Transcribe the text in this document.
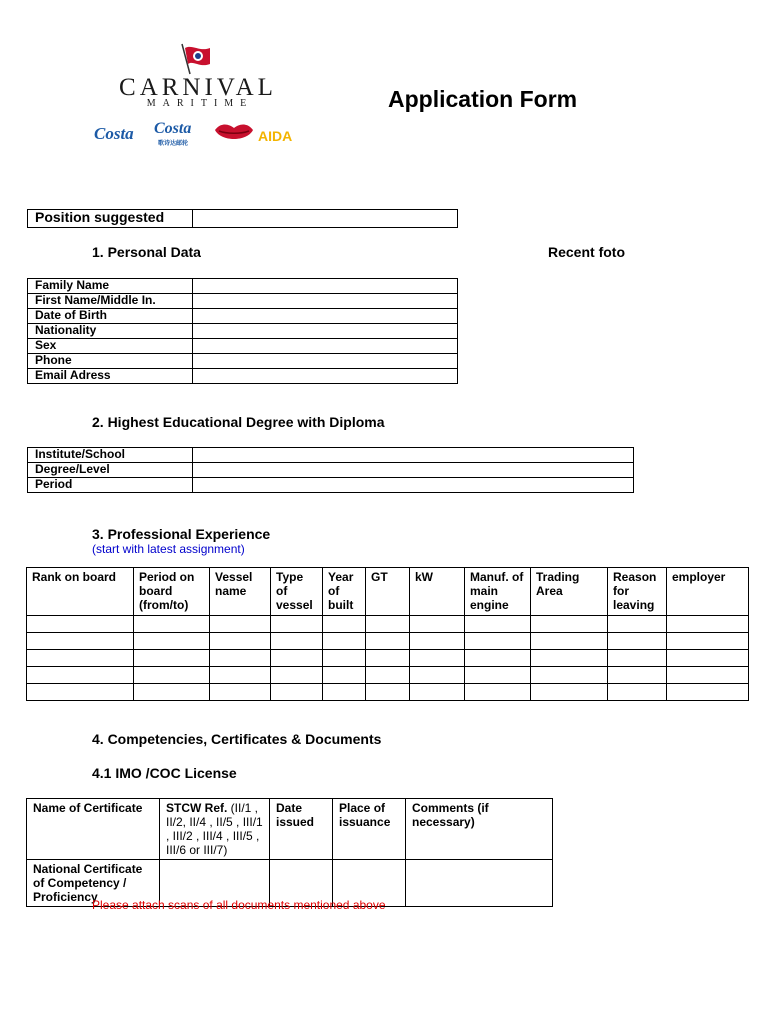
CARNIVAL
MARITIME
Costa Costa
歌诗达邮轮	AIDA
Application Form
Position suggested	
1. Personal Data	Recent foto
Family Name	
First Name/Middle In.	
Date of Birth	
Nationality	
Sex	
Phone	
Email Adress	
2. Highest Educational Degree with Diploma
Institute/School	
Degree/Level	
Period	
3. Professional Experience
(start with latest assignment)
Rank on board	Period on board (from/to)	Vessel name	Type of vessel	Year of built	GT	kW	Manuf. of main engine	Trading Area	Reason for leaving	employer

4. Competencies, Certificates & Documents
4.1 IMO /COC License
Name of Certificate	STCW Ref. (II/1 , II/2, II/4 , II/5 , III/1 , III/2 , III/4 , III/5 , III/6 or III/7)	Date issued	Place of issuance	Comments (if necessary)
National Certificate of Competency / Proficiency				
Please attach scans of all documents mentioned above
